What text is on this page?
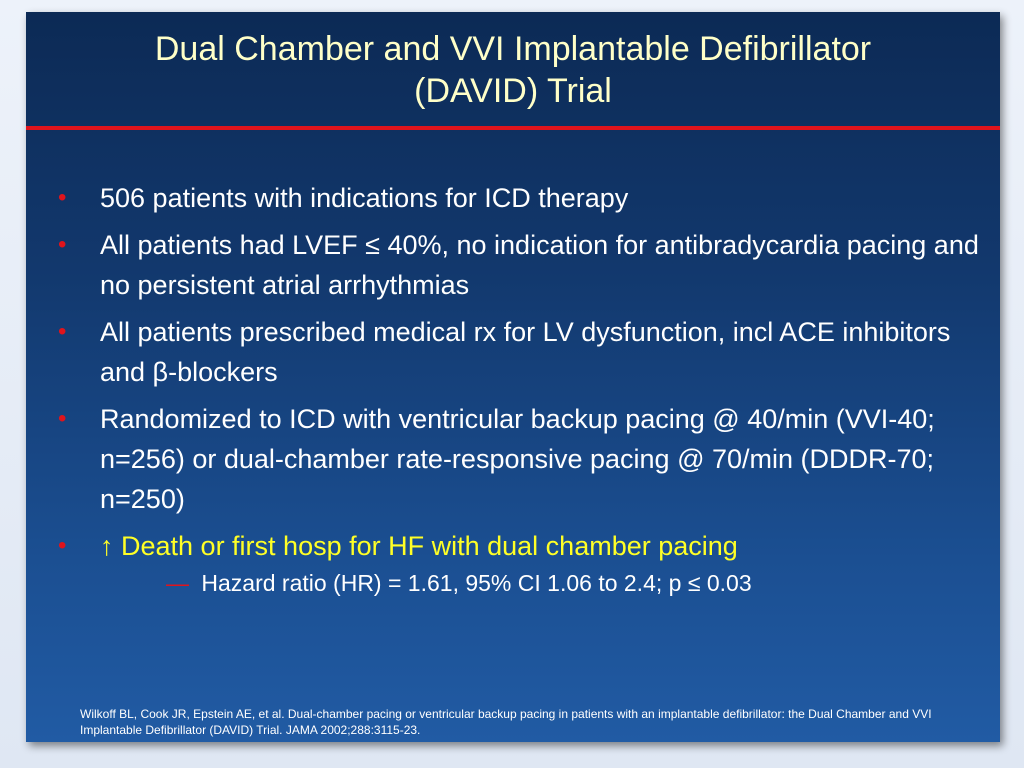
Dual Chamber and VVI Implantable Defibrillator
(DAVID) Trial
• 506 patients with indications for ICD therapy
• All patients had LVEF ≤ 40%, no indication for antibradycardia pacing and no persistent atrial arrhythmias
• All patients prescribed medical rx for LV dysfunction, incl ACE inhibitors and β-blockers
• Randomized to ICD with ventricular backup pacing @ 40/min (VVI-40; n=256) or dual-chamber rate-responsive pacing @ 70/min (DDDR-70; n=250)
• ↑ Death or first hosp for HF with dual chamber pacing
— Hazard ratio (HR) = 1.61, 95% CI 1.06 to 2.4; p ≤ 0.03
Wilkoff BL, Cook JR, Epstein AE, et al. Dual-chamber pacing or ventricular backup pacing in patients with an implantable defibrillator: the Dual Chamber and VVI Implantable Defibrillator (DAVID) Trial. JAMA 2002;288:3115-23.
